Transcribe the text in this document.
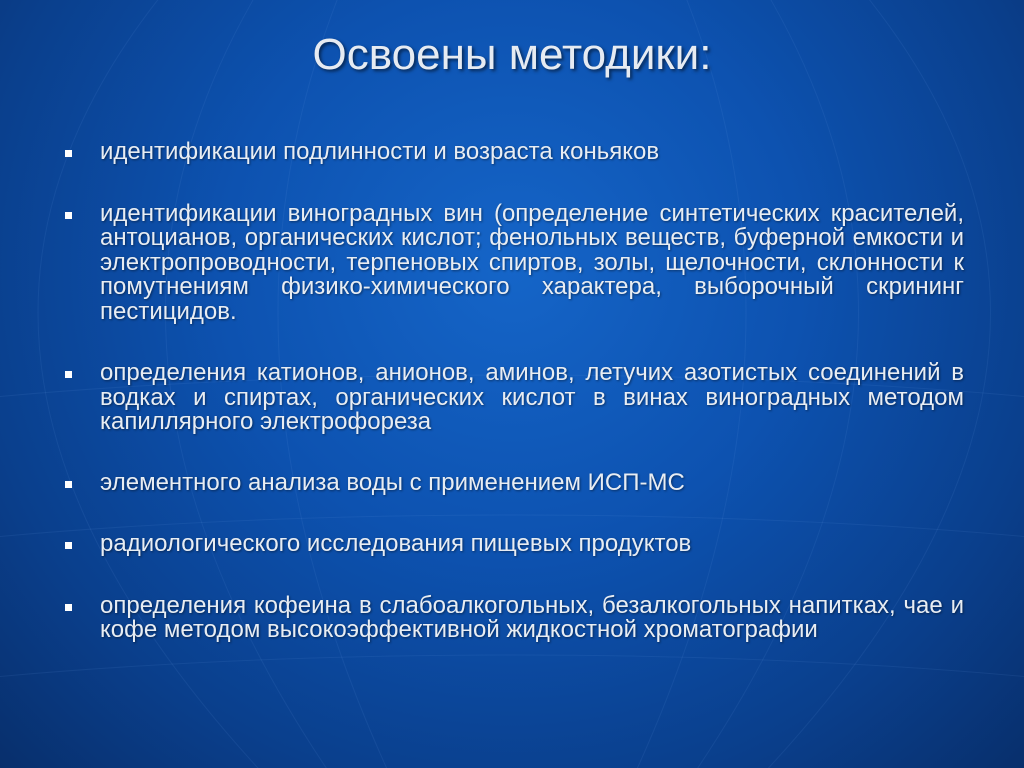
Освоены методики:
идентификации подлинности и возраста коньяков
идентификации виноградных вин (определение синтетических красителей, антоцианов, органических кислот; фенольных веществ, буферной емкости и электропроводности, терпеновых спиртов, золы, щелочности, склонности к помутнениям физико-химического характера, выборочный скрининг пестицидов.
определения катионов, анионов, аминов, летучих азотистых соединений в водках и спиртах, органических кислот в винах виноградных методом капиллярного электрофореза
элементного анализа воды с применением ИСП-МС
радиологического исследования пищевых продуктов
определения кофеина в слабоалкогольных, безалкогольных напитках, чае и кофе методом высокоэффективной жидкостной хроматографии
